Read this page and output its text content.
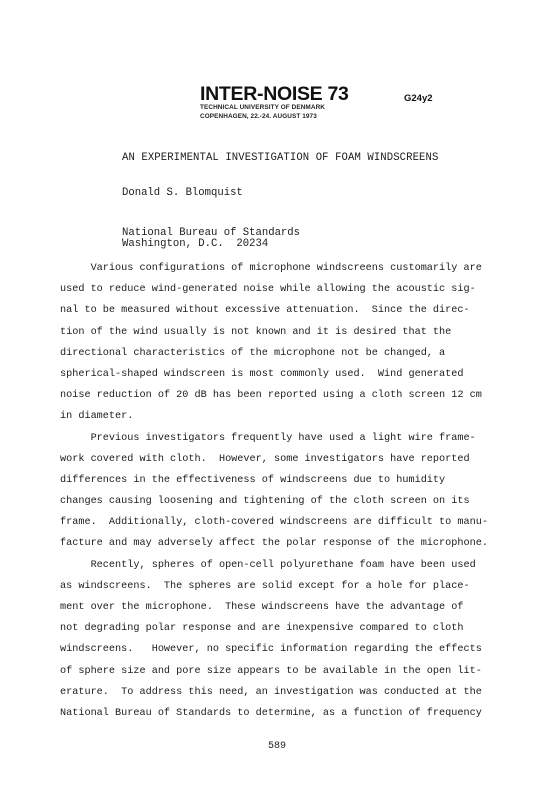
INTER-NOISE 73
TECHNICAL UNIVERSITY OF DENMARK
COPENHAGEN, 22.-24. AUGUST 1973
G24y2
AN EXPERIMENTAL INVESTIGATION OF FOAM WINDSCREENS
Donald S. Blomquist
National Bureau of Standards
Washington, D.C.  20234
Various configurations of microphone windscreens customarily are
used to reduce wind-generated noise while allowing the acoustic sig-
nal to be measured without excessive attenuation.  Since the direc-
tion of the wind usually is not known and it is desired that the
directional characteristics of the microphone not be changed, a
spherical-shaped windscreen is most commonly used.  Wind generated
noise reduction of 20 dB has been reported using a cloth screen 12 cm
in diameter.
Previous investigators frequently have used a light wire frame-
work covered with cloth.  However, some investigators have reported
differences in the effectiveness of windscreens due to humidity
changes causing loosening and tightening of the cloth screen on its
frame.  Additionally, cloth-covered windscreens are difficult to manu-
facture and may adversely affect the polar response of the microphone.
Recently, spheres of open-cell polyurethane foam have been used
as windscreens.  The spheres are solid except for a hole for place-
ment over the microphone.  These windscreens have the advantage of
not degrading polar response and are inexpensive compared to cloth
windscreens.   However, no specific information regarding the effects
of sphere size and pore size appears to be available in the open lit-
erature.  To address this need, an investigation was conducted at the
National Bureau of Standards to determine, as a function of frequency
589
